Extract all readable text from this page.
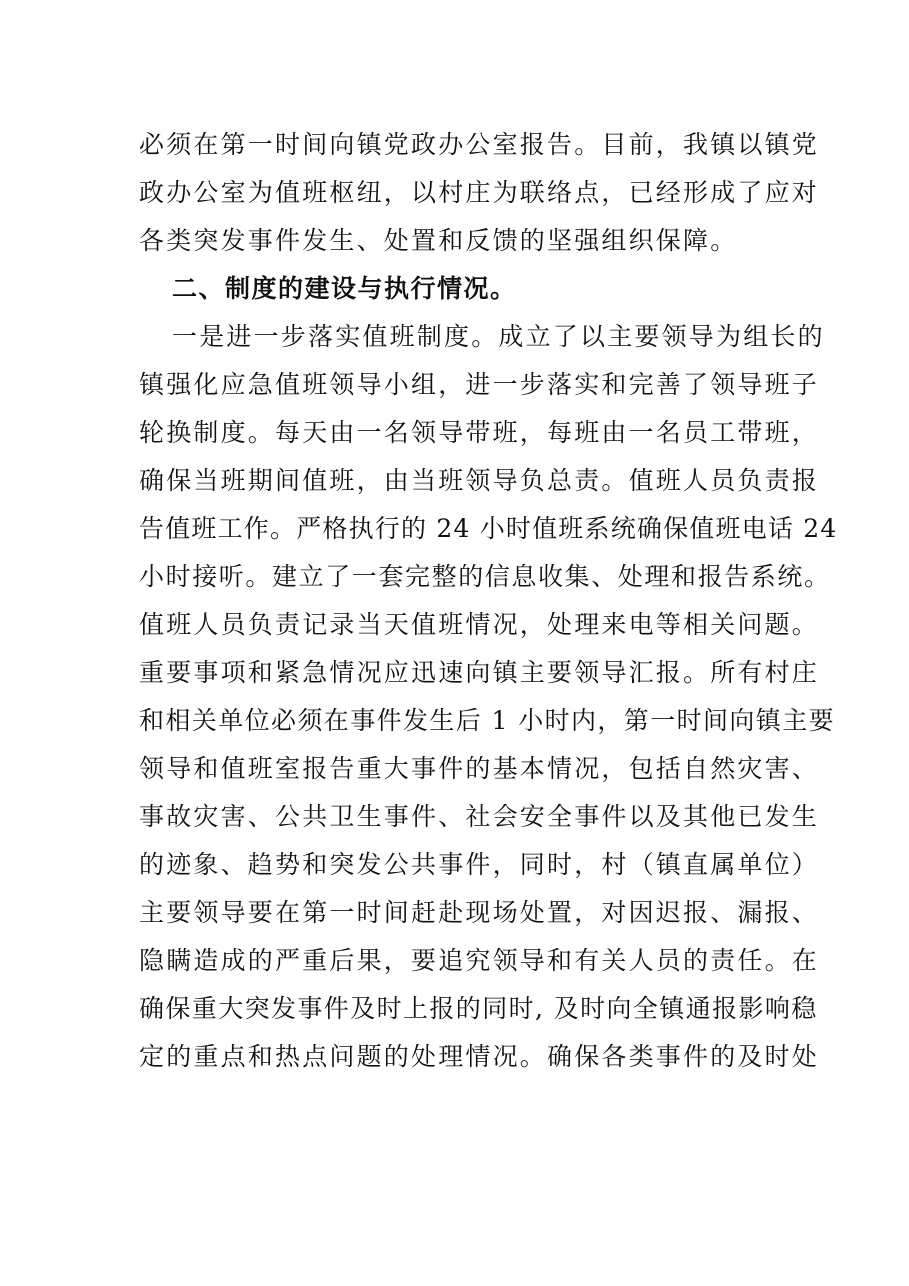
必须在第一时间向镇党政办公室报告。目前，我镇以镇党
政办公室为值班枢纽，以村庄为联络点，已经形成了应对
各类突发事件发生、处置和反馈的坚强组织保障。
二、制度的建设与执行情况。
一是进一步落实值班制度。成立了以主要领导为组长的
镇强化应急值班领导小组，进一步落实和完善了领导班子
轮换制度。每天由一名领导带班，每班由一名员工带班，
确保当班期间值班，由当班领导负总责。值班人员负责报
告值班工作。严格执行的 24 小时值班系统确保值班电话 24
小时接听。建立了一套完整的信息收集、处理和报告系统。
值班人员负责记录当天值班情况，处理来电等相关问题。
重要事项和紧急情况应迅速向镇主要领导汇报。所有村庄
和相关单位必须在事件发生后 1 小时内，第一时间向镇主要
领导和值班室报告重大事件的基本情况，包括自然灾害、
事故灾害、公共卫生事件、社会安全事件以及其他已发生
的迹象、趋势和突发公共事件，同时，村（镇直属单位）
主要领导要在第一时间赶赴现场处置，对因迟报、漏报、
隐瞒造成的严重后果，要追究领导和有关人员的责任。在
确保重大突发事件及时上报的同时, 及时向全镇通报影响稳
定的重点和热点问题的处理情况。确保各类事件的及时处
